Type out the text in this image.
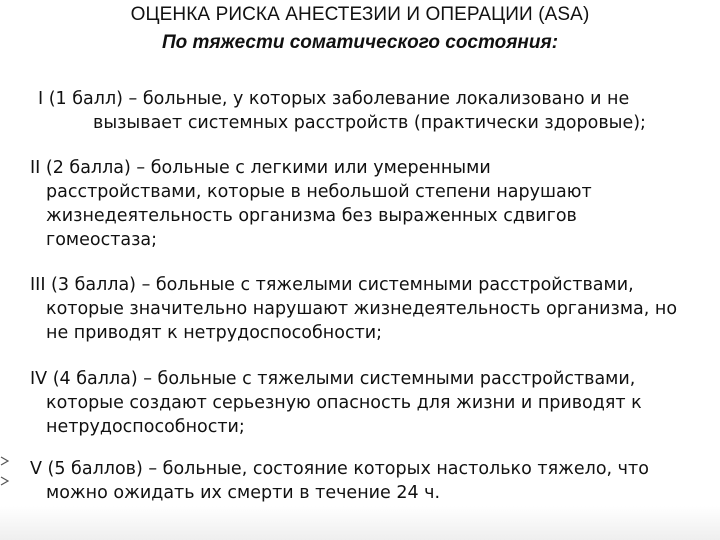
ОЦЕНКА РИСКА АНЕСТЕЗИИ И ОПЕРАЦИИ (ASA)
По тяжести соматического состояния:
I (1 балл) – больные, у которых заболевание локализовано и не
вызывает системных расстройств (практически здоровые);
II (2 балла) – больные с легкими или умеренными
расстройствами, которые в небольшой степени нарушают
жизнедеятельность организма без выраженных сдвигов
гомеостаза;
III (3 балла) – больные с тяжелыми системными расстройствами,
которые значительно нарушают жизнедеятельность организма, но
не приводят к нетрудоспособности;
IV (4 балла) – больные с тяжелыми системными расстройствами,
которые создают серьезную опасность для жизни и приводят к
нетрудоспособности;
V (5 баллов) – больные, состояние которых настолько тяжело, что
можно ожидать их смерти в течение 24 ч.
